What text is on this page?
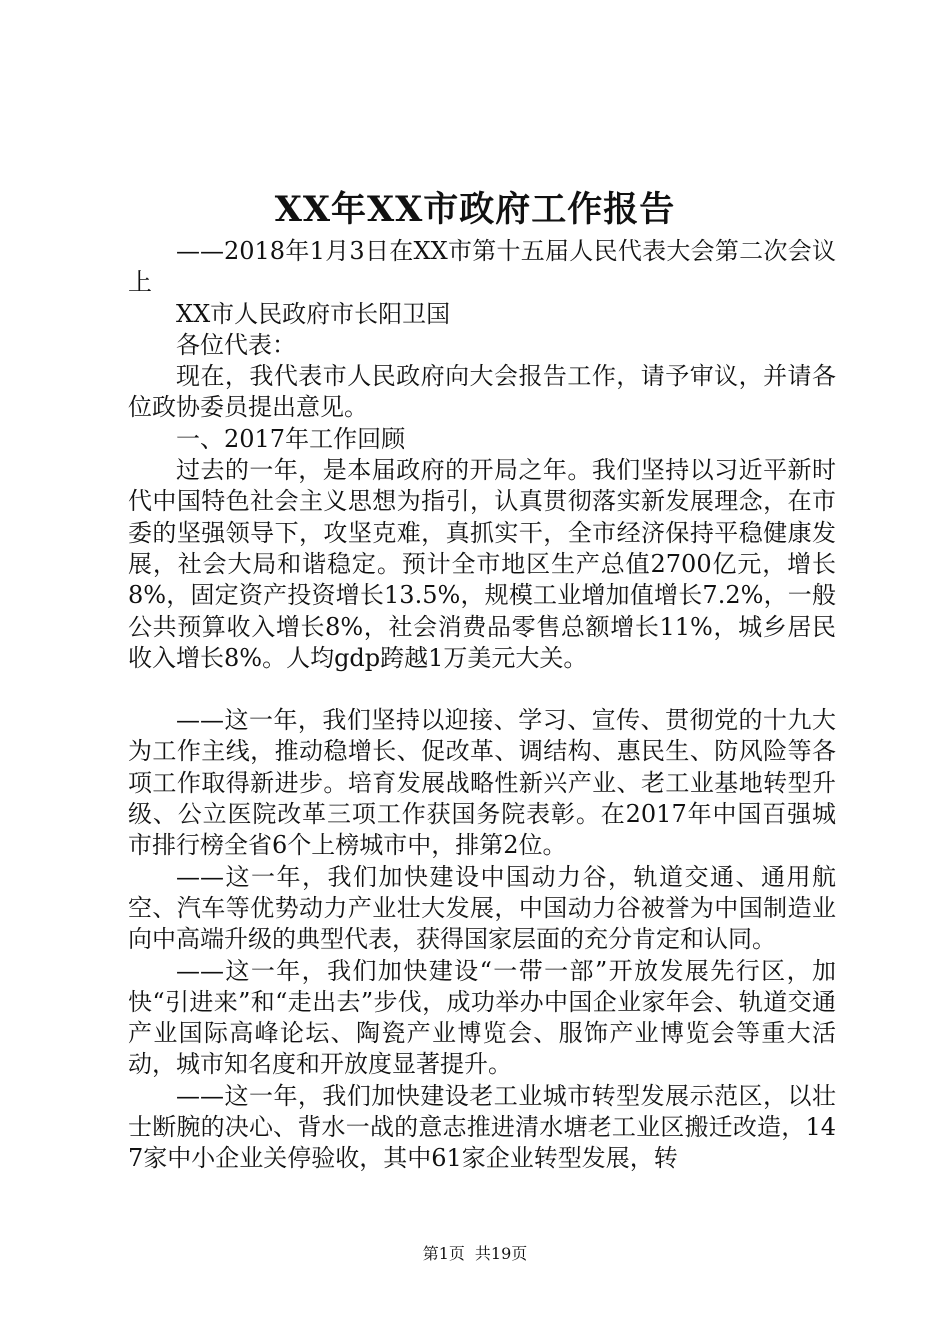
XX年XX市政府工作报告

——2018年1月3日在XX市第十五届人民代表大会第二次会议上

XX市人民政府市长阳卫国

各位代表：

现在，我代表市人民政府向大会报告工作，请予审议，并请各位政协委员提出意见。

一、2017年工作回顾

过去的一年，是本届政府的开局之年。我们坚持以习近平新时代中国特色社会主义思想为指引，认真贯彻落实新发展理念，在市委的坚强领导下，攻坚克难，真抓实干，全市经济保持平稳健康发展，社会大局和谐稳定。预计全市地区生产总值2700亿元，增长8%，固定资产投资增长13.5%，规模工业增加值增长7.2%，一般公共预算收入增长8%，社会消费品零售总额增长11%，城乡居民收入增长8%。人均gdp跨越1万美元大关。

——这一年，我们坚持以迎接、学习、宣传、贯彻党的十九大为工作主线，推动稳增长、促改革、调结构、惠民生、防风险等各项工作取得新进步。培育发展战略性新兴产业、老工业基地转型升级、公立医院改革三项工作获国务院表彰。在2017年中国百强城市排行榜全省6个上榜城市中，排第2位。

——这一年，我们加快建设中国动力谷，轨道交通、通用航空、汽车等优势动力产业壮大发展，中国动力谷被誉为中国制造业向中高端升级的典型代表，获得国家层面的充分肯定和认同。

——这一年，我们加快建设“一带一部”开放发展先行区，加快“引进来”和“走出去”步伐，成功举办中国企业家年会、轨道交通产业国际高峰论坛、陶瓷产业博览会、服饰产业博览会等重大活动，城市知名度和开放度显著提升。

——这一年，我们加快建设老工业城市转型发展示范区，以壮士断腕的决心、背水一战的意志推进清水塘老工业区搬迁改造，147家中小企业关停验收，其中61家企业转型发展，转

第1页 共19页
